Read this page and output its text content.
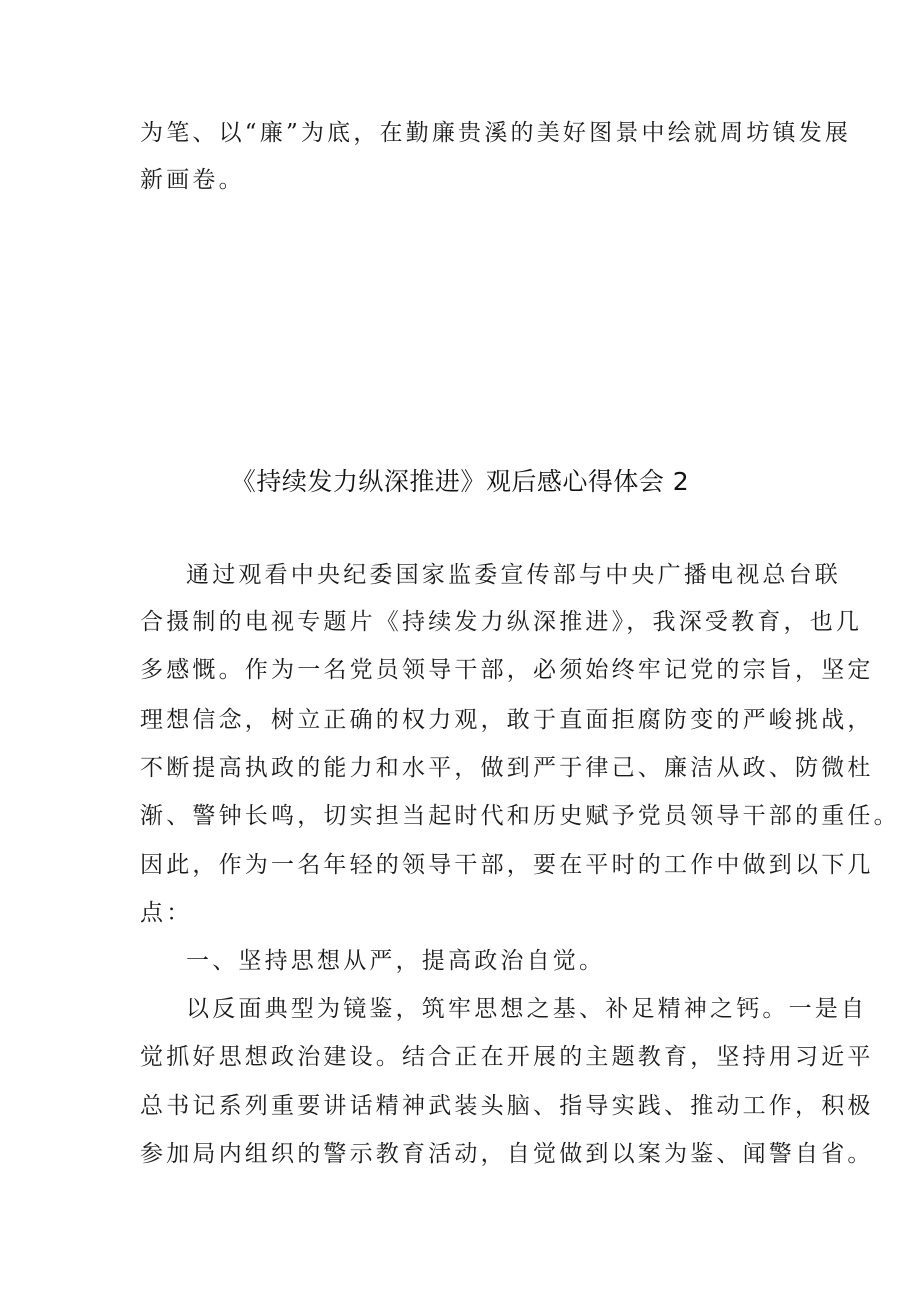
为笔、以“廉”为底，在勤廉贵溪的美好图景中绘就周坊镇发展
新画卷。
《持续发力纵深推进》观后感心得体会 2
通过观看中央纪委国家监委宣传部与中央广播电视总台联
合摄制的电视专题片《持续发力纵深推进》，我深受教育，也几
多感慨。作为一名党员领导干部，必须始终牢记党的宗旨，坚定
理想信念，树立正确的权力观，敢于直面拒腐防变的严峻挑战，
不断提高执政的能力和水平，做到严于律己、廉洁从政、防微杜
渐、警钟长鸣，切实担当起时代和历史赋予党员领导干部的重任。
因此，作为一名年轻的领导干部，要在平时的工作中做到以下几
点：
一、坚持思想从严，提高政治自觉。
以反面典型为镜鉴，筑牢思想之基、补足精神之钙。一是自
觉抓好思想政治建设。结合正在开展的主题教育，坚持用习近平
总书记系列重要讲话精神武装头脑、指导实践、推动工作，积极
参加局内组织的警示教育活动，自觉做到以案为鉴、闻警自省。
